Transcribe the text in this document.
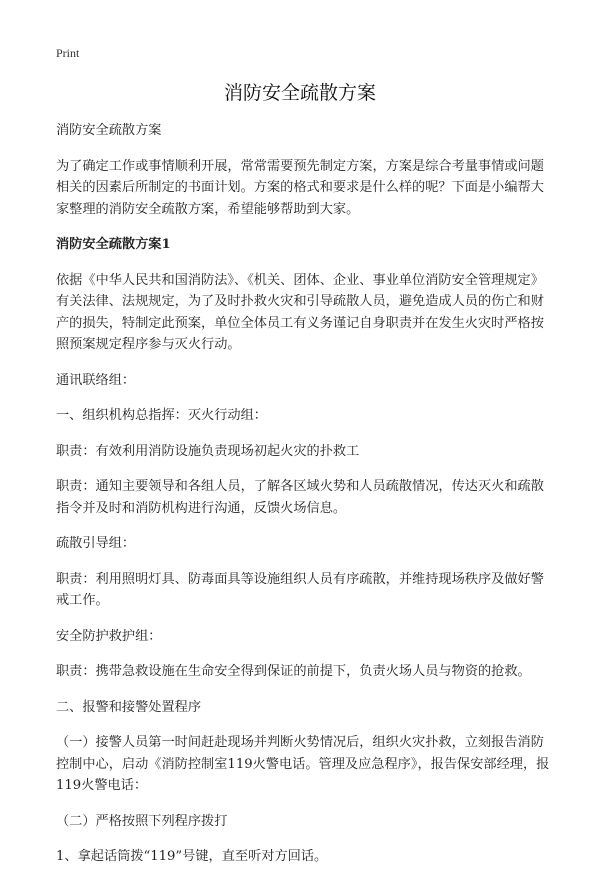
Print
消防安全疏散方案

消防安全疏散方案

为了确定工作或事情顺利开展，常常需要预先制定方案，方案是综合考量事情或问题相关的因素后所制定的书面计划。方案的格式和要求是什么样的呢？下面是小编帮大家整理的消防安全疏散方案，希望能够帮助到大家。

消防安全疏散方案1

依据《中华人民共和国消防法》、《机关、团体、企业、事业单位消防安全管理规定》有关法律、法规规定，为了及时扑救火灾和引导疏散人员，避免造成人员的伤亡和财产的损失，特制定此预案，单位全体员工有义务谨记自身职责并在发生火灾时严格按照预案规定程序参与灭火行动。

通讯联络组：

一、组织机构总指挥：灭火行动组：

职责：有效利用消防设施负责现场初起火灾的扑救工

职责：通知主要领导和各组人员，了解各区域火势和人员疏散情况，传达灭火和疏散指令并及时和消防机构进行沟通，反馈火场信息。

疏散引导组：

职责：利用照明灯具、防毒面具等设施组织人员有序疏散，并维持现场秩序及做好警戒工作。

安全防护救护组：

职责：携带急救设施在生命安全得到保证的前提下，负责火场人员与物资的抢救。

二、报警和接警处置程序

（一）接警人员第一时间赶赴现场并判断火势情况后，组织火灾扑救，立刻报告消防控制中心，启动《消防控制室119火警电话。管理及应急程序》，报告保安部经理，报119火警电话：

（二）严格按照下列程序拨打

1、拿起话筒拨“119”号键，直至听对方回话。
